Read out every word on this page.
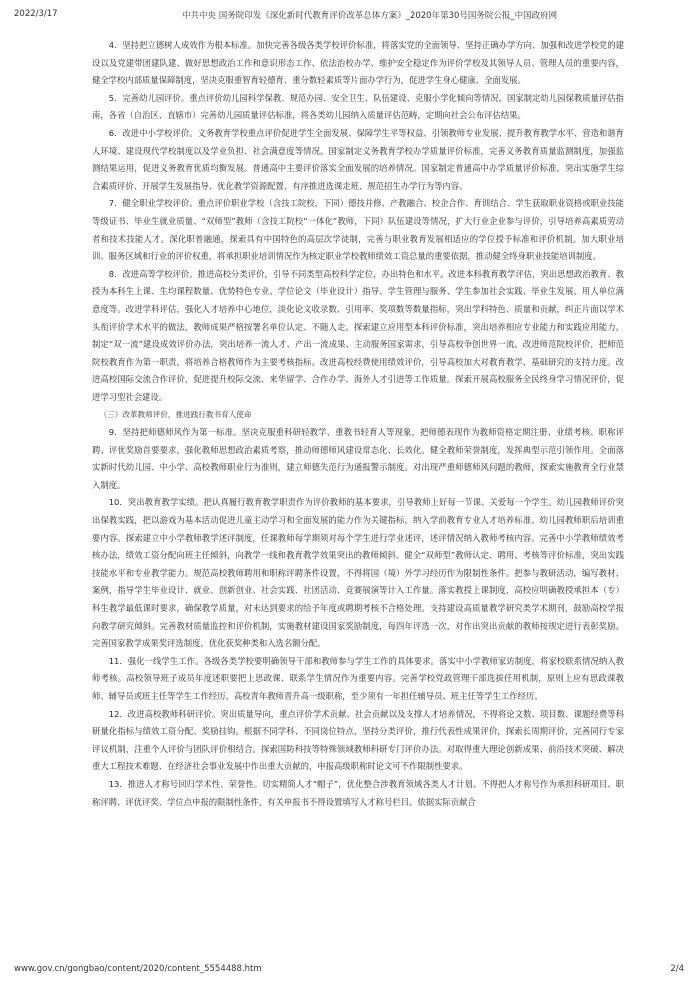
2022/3/17	中共中央 国务院印发《深化新时代教育评价改革总体方案》_2020年第30号国务院公报_中国政府网

4．坚持把立德树人成效作为根本标准。加快完善各级各类学校评价标准，将落实党的全面领导、坚持正确办学方向、加强和改进学校党的建设以及党建带团建队建、做好思想政治工作和意识形态工作、依法治校办学、维护安全稳定作为评价学校及其领导人员、管理人员的重要内容，健全学校内部质量保障制度，坚决克服重智育轻德育、重分数轻素质等片面办学行为，促进学生身心健康、全面发展。

5．完善幼儿园评价。重点评价幼儿园科学保教、规范办园、安全卫生、队伍建设、克服小学化倾向等情况。国家制定幼儿园保教质量评估指南，各省（自治区、直辖市）完善幼儿园质量评估标准，将各类幼儿园纳入质量评估范畴，定期向社会公布评估结果。

6．改进中小学校评价。义务教育学校重点评价促进学生全面发展、保障学生平等权益、引领教师专业发展、提升教育教学水平、营造和谐育人环境、建设现代学校制度以及学业负担、社会满意度等情况。国家制定义务教育学校办学质量评价标准，完善义务教育质量监测制度，加强监测结果运用，促进义务教育优质均衡发展。普通高中主要评价落实全面发展的培养情况。国家制定普通高中办学质量评价标准，突出实施学生综合素质评价、开展学生发展指导、优化教学资源配置、有序推进选课走班、规范招生办学行为等内容。

7．健全职业学校评价。重点评价职业学校（含技工院校，下同）德技并修、产教融合、校企合作、育训结合、学生获取职业资格或职业技能等级证书、毕业生就业质量、“双师型”教师（含技工院校“一体化”教师，下同）队伍建设等情况，扩大行业企业参与评价，引导培养高素质劳动者和技术技能人才。深化职普融通，探索具有中国特色的高层次学徒制，完善与职业教育发展相适应的学位授予标准和评价机制。加大职业培训、服务区域和行业的评价权重，将承担职业培训情况作为核定职业学校教师绩效工资总量的重要依据，推动健全终身职业技能培训制度。

8．改进高等学校评价。推进高校分类评价，引导不同类型高校科学定位，办出特色和水平。改进本科教育教学评估，突出思想政治教育、教授为本科生上课、生均课程数量、优势特色专业、学位论文（毕业设计）指导、学生管理与服务、学生参加社会实践、毕业生发展、用人单位满意度等。改进学科评估，强化人才培养中心地位，淡化论文收录数、引用率、奖项数等数量指标，突出学科特色、质量和贡献，纠正片面以学术头衔评价学术水平的做法，教师成果严格按署名单位认定、不随人走。探索建立应用型本科评价标准，突出培养相应专业能力和实践应用能力。制定“双一流”建设成效评价办法，突出培养一流人才、产出一流成果、主动服务国家需求，引导高校争创世界一流。改进师范院校评价，把师范院校教育作为第一职责，将培养合格教师作为主要考核指标。改进高校经费使用绩效评价，引导高校加大对教育教学、基础研究的支持力度。改进高校国际交流合作评价，促进提升校际交流、来华留学、合作办学、海外人才引进等工作质量。探索开展高校服务全民终身学习情况评价，促进学习型社会建设。

（三）改革教师评价，推进践行教书育人使命

9．坚持把师德师风作为第一标准。坚决克服重科研轻教学、重教书轻育人等现象，把师德表现作为教师资格定期注册、业绩考核、职称评聘、评优奖励首要要求，强化教师思想政治素质考察，推动师德师风建设常态化、长效化。健全教师荣誉制度，发挥典型示范引领作用。全面落实新时代幼儿园、中小学、高校教师职业行为准则，建立师德失范行为通报警示制度。对出现严重师德师风问题的教师，探索实施教育全行业禁入制度。

10．突出教育教学实绩。把认真履行教育教学职责作为评价教师的基本要求，引导教师上好每一节课、关爱每一个学生。幼儿园教师评价突出保教实践，把以游戏为基本活动促进儿童主动学习和全面发展的能力作为关键指标，纳入学前教育专业人才培养标准、幼儿园教师职后培训重要内容。探索建立中小学教师教学述评制度，任课教师每学期须对每个学生进行学业述评，述评情况纳入教师考核内容。完善中小学教师绩效考核办法，绩效工资分配向班主任倾斜，向教学一线和教育教学效果突出的教师倾斜。健全“双师型”教师认定、聘用、考核等评价标准，突出实践技能水平和专业教学能力。规范高校教师聘用和职称评聘条件设置，不得将国（境）外学习经历作为限制性条件。把参与教研活动，编写教材、案例，指导学生毕业设计、就业、创新创业、社会实践、社团活动、竞赛展演等计入工作量。落实教授上课制度，高校应明确教授承担本（专）科生教学最低课时要求，确保教学质量，对未达到要求的给予年度或聘期考核不合格处理。支持建设高质量教学研究类学术期刊，鼓励高校学报向教学研究倾斜。完善教材质量监控和评价机制，实施教材建设国家奖励制度，每四年评选一次，对作出突出贡献的教师按规定进行表彰奖励。完善国家教学成果奖评选制度，优化获奖种类和入选名额分配。

11．强化一线学生工作。各级各类学校要明确领导干部和教师参与学生工作的具体要求。落实中小学教师家访制度，将家校联系情况纳入教师考核。高校领导班子成员年度述职要把上思政课、联系学生情况作为重要内容。完善学校党政管理干部选拔任用机制，原则上应有思政课教师、辅导员或班主任等学生工作经历。高校青年教师晋升高一级职称，至少须有一年担任辅导员、班主任等学生工作经历。

12．改进高校教师科研评价。突出质量导向，重点评价学术贡献、社会贡献以及支撑人才培养情况，不得将论文数、项目数、课题经费等科研量化指标与绩效工资分配、奖励挂钩。根据不同学科、不同岗位特点，坚持分类评价，推行代表性成果评价，探索长周期评价，完善同行专家评议机制，注重个人评价与团队评价相结合。探索国防科技等特殊领域教师科研专门评价办法。对取得重大理论创新成果、前沿技术突破、解决重大工程技术难题、在经济社会事业发展中作出重大贡献的，申报高级职称时论文可不作限制性要求。

13．推进人才称号回归学术性、荣誉性。切实精简人才“帽子”，优化整合涉教育领域各类人才计划。不得把人才称号作为承担科研项目、职称评聘、评优评奖、学位点申报的限制性条件，有关申报书不得设置填写人才称号栏目。依据实际贡献合

www.gov.cn/gongbao/content/2020/content_5554488.htm	2/4
